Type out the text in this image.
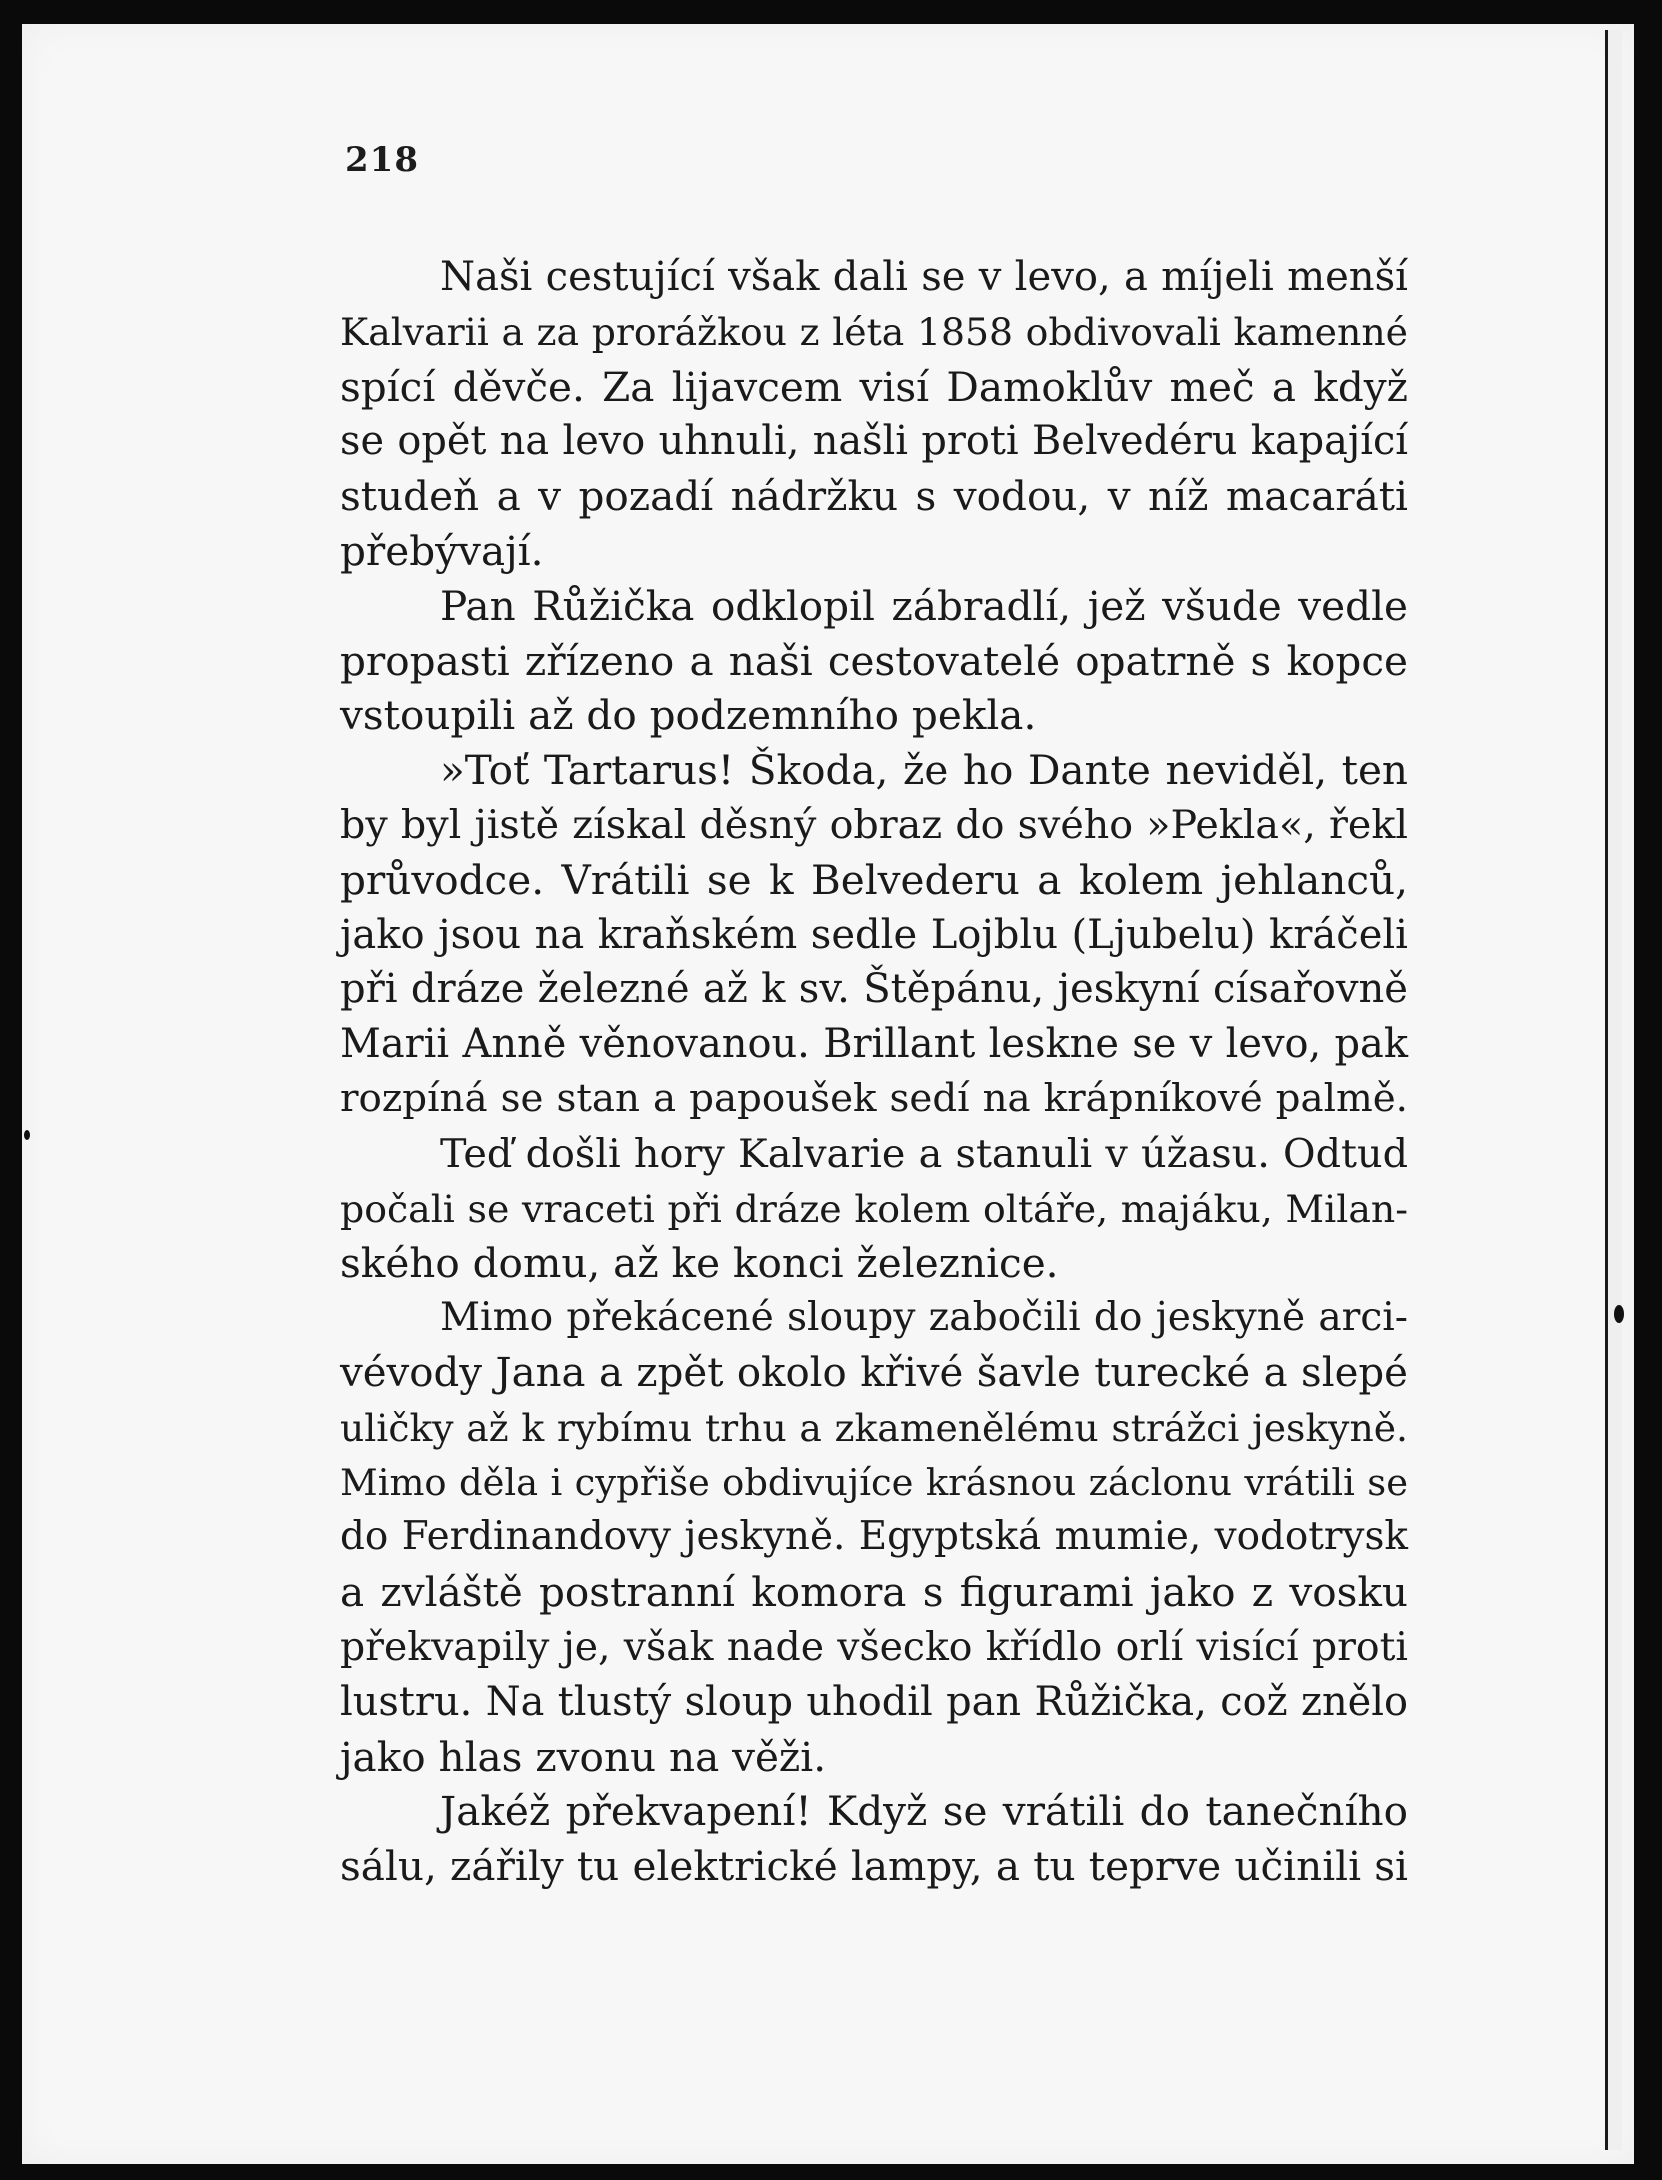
218
Naši cestující však dali se v levo, a míjeli menší
Kalvarii a za prorážkou z léta 1858 obdivovali kamenné
spící děvče. Za lijavcem visí Damoklův meč a když
se opět na levo uhnuli, našli proti Belvedéru kapající
studeň a v pozadí nádržku s vodou, v níž macaráti
přebývají.
Pan Růžička odklopil zábradlí, jež všude vedle
propasti zřízeno a naši cestovatelé opatrně s kopce
vstoupili až do podzemního pekla.
»Toť Tartarus! Škoda, že ho Dante neviděl, ten
by byl jistě získal děsný obraz do svého »Pekla«, řekl
průvodce. Vrátili se k Belvederu a kolem jehlanců,
jako jsou na kraňském sedle Lojblu (Ljubelu) kráčeli
při dráze železné až k sv. Štěpánu, jeskyní císařovně
Marii Anně věnovanou. Brillant leskne se v levo, pak
rozpíná se stan a papoušek sedí na krápníkové palmě.
Teď došli hory Kalvarie a stanuli v úžasu. Odtud
počali se vraceti při dráze kolem oltáře, majáku, Milan-
ského domu, až ke konci železnice.
Mimo překácené sloupy zabočili do jeskyně arci-
vévody Jana a zpět okolo křivé šavle turecké a slepé
uličky až k rybímu trhu a zkamenělému strážci jeskyně.
Mimo děla i cypřiše obdivujíce krásnou záclonu vrátili se
do Ferdinandovy jeskyně. Egyptská mumie, vodotrysk
a zvláště postranní komora s figurami jako z vosku
překvapily je, však nade všecko křídlo orlí visící proti
lustru. Na tlustý sloup uhodil pan Růžička, což znělo
jako hlas zvonu na věži.
Jakéž překvapení! Když se vrátili do tanečního
sálu, zářily tu elektrické lampy, a tu teprve učinili si
